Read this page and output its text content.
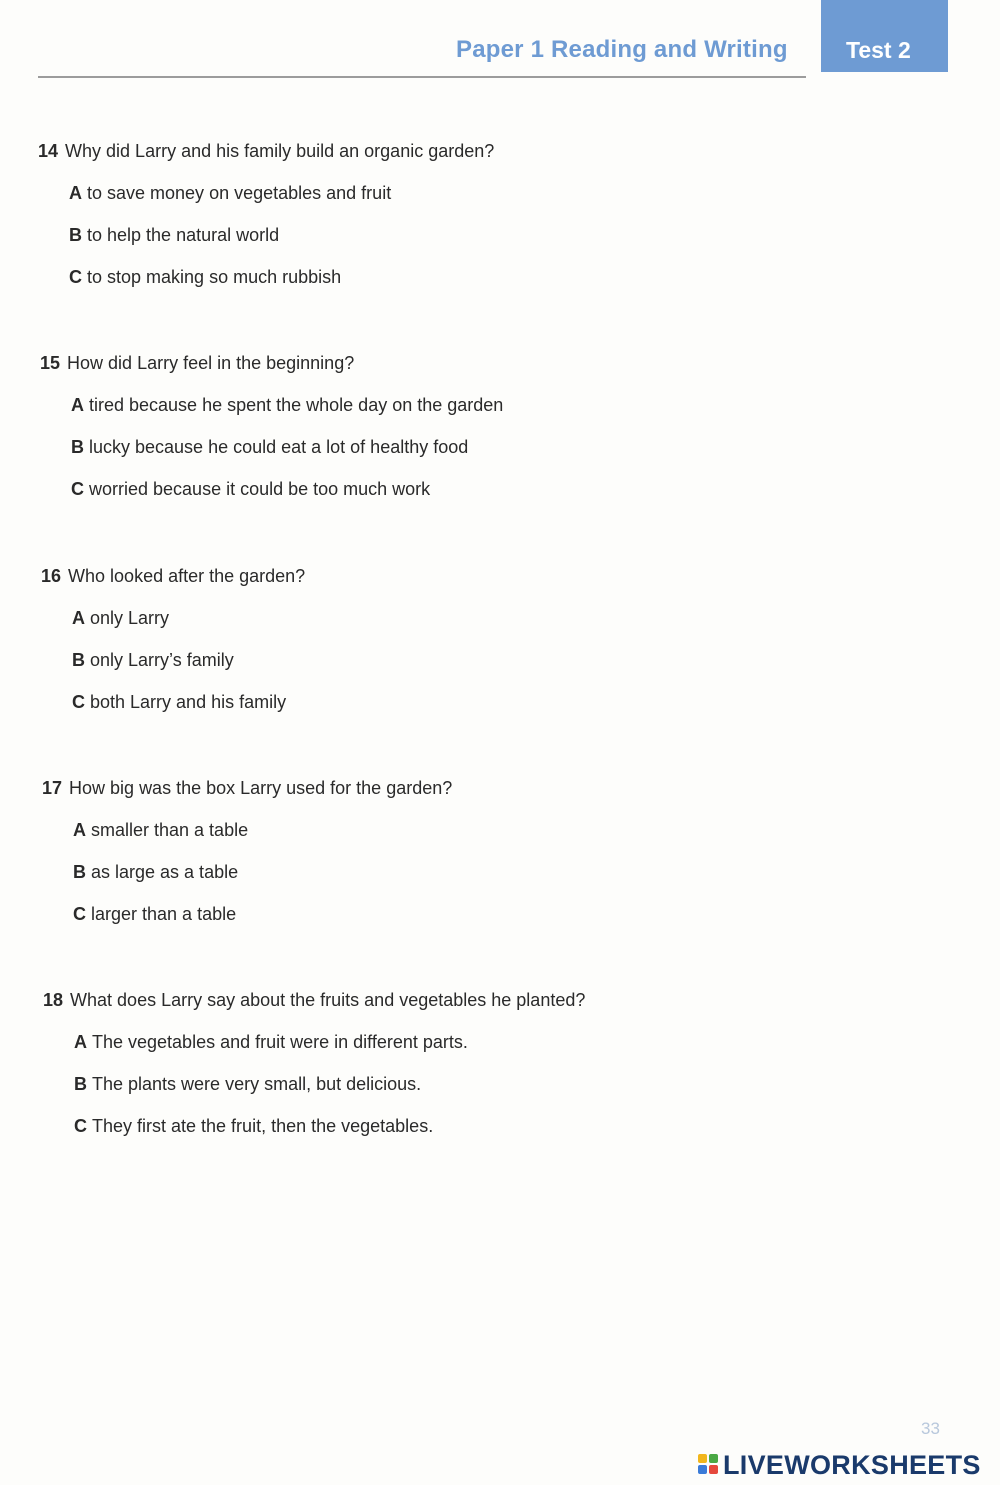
Paper 1 Reading and Writing	Test 2
14 Why did Larry and his family build an organic garden?
A to save money on vegetables and fruit
B to help the natural world
C to stop making so much rubbish
15 How did Larry feel in the beginning?
A tired because he spent the whole day on the garden
B lucky because he could eat a lot of healthy food
C worried because it could be too much work
16 Who looked after the garden?
A only Larry
B only Larry’s family
C both Larry and his family
17 How big was the box Larry used for the garden?
A smaller than a table
B as large as a table
C larger than a table
18 What does Larry say about the fruits and vegetables he planted?
A The vegetables and fruit were in different parts.
B The plants were very small, but delicious.
C They first ate the fruit, then the vegetables.
33
LIVEWORKSHEETS
